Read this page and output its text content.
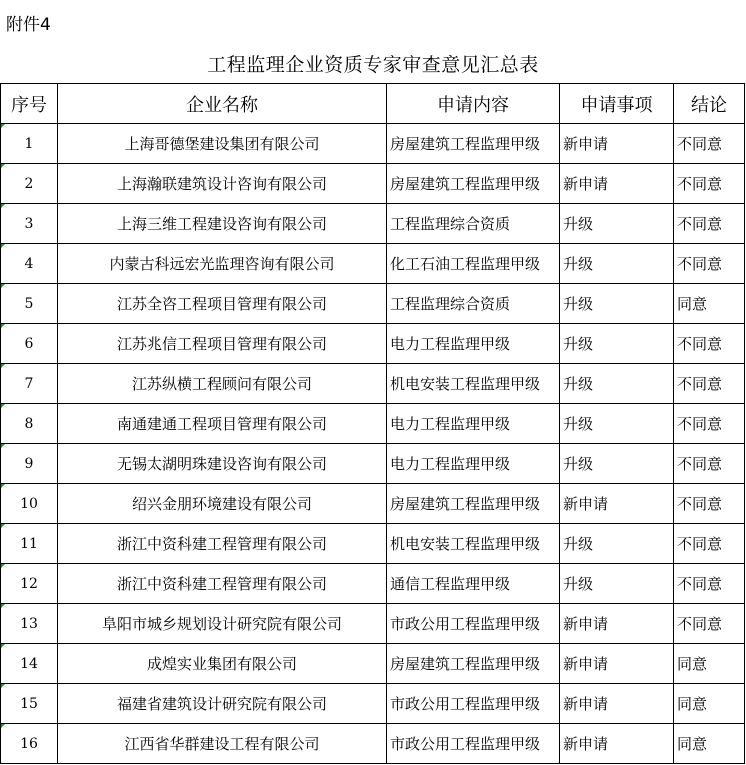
附件4
工程监理企业资质专家审查意见汇总表
序号	企业名称	申请内容	申请事项	结论
1	上海哥德堡建设集团有限公司	房屋建筑工程监理甲级	新申请	不同意
2	上海瀚联建筑设计咨询有限公司	房屋建筑工程监理甲级	新申请	不同意
3	上海三维工程建设咨询有限公司	工程监理综合资质	升级	不同意
4	内蒙古科远宏光监理咨询有限公司	化工石油工程监理甲级	升级	不同意
5	江苏全咨工程项目管理有限公司	工程监理综合资质	升级	同意
6	江苏兆信工程项目管理有限公司	电力工程监理甲级	升级	不同意
7	江苏纵横工程顾问有限公司	机电安装工程监理甲级	升级	不同意
8	南通建通工程项目管理有限公司	电力工程监理甲级	升级	不同意
9	无锡太湖明珠建设咨询有限公司	电力工程监理甲级	升级	不同意
10	绍兴金朋环境建设有限公司	房屋建筑工程监理甲级	新申请	不同意
11	浙江中资科建工程管理有限公司	机电安装工程监理甲级	升级	不同意
12	浙江中资科建工程管理有限公司	通信工程监理甲级	升级	不同意
13	阜阳市城乡规划设计研究院有限公司	市政公用工程监理甲级	新申请	不同意
14	成煌实业集团有限公司	房屋建筑工程监理甲级	新申请	同意
15	福建省建筑设计研究院有限公司	市政公用工程监理甲级	新申请	同意
16	江西省华群建设工程有限公司	市政公用工程监理甲级	新申请	同意
